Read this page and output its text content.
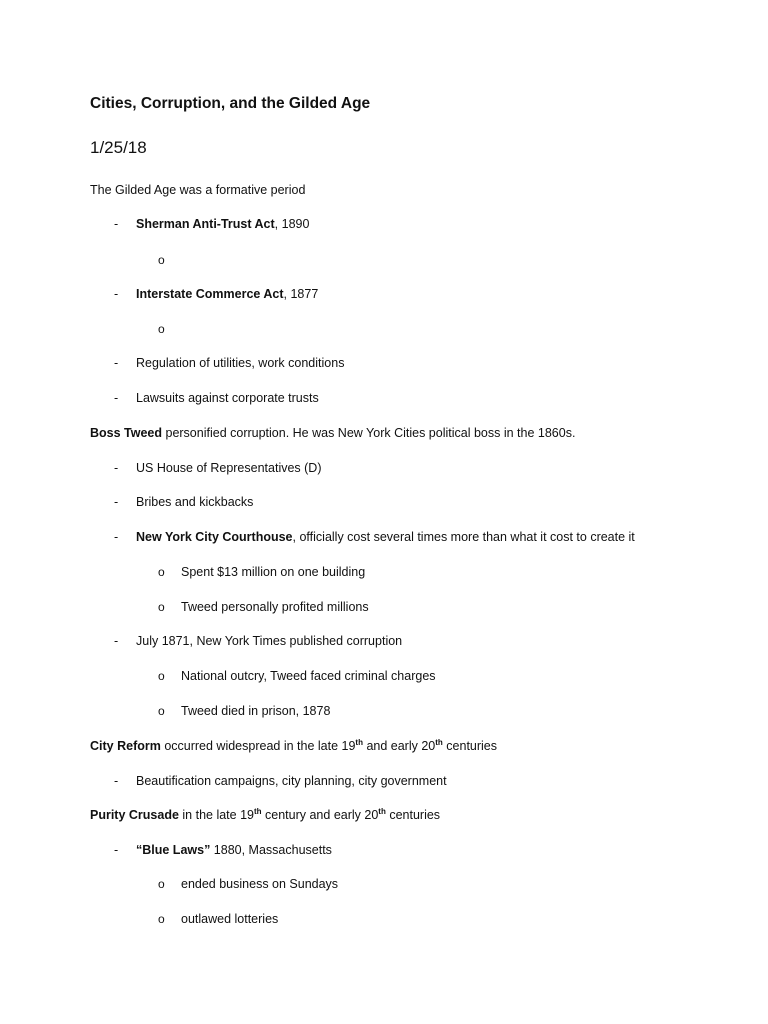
Cities, Corruption, and the Gilded Age
1/25/18
The Gilded Age was a formative period
- Sherman Anti-Trust Act, 1890
o
- Interstate Commerce Act, 1877
o
- Regulation of utilities, work conditions
- Lawsuits against corporate trusts
Boss Tweed personified corruption. He was New York Cities political boss in the 1860s.
- US House of Representatives (D)
- Bribes and kickbacks
- New York City Courthouse, officially cost several times more than what it cost to create it
o Spent $13 million on one building
o Tweed personally profited millions
- July 1871, New York Times published corruption
o National outcry, Tweed faced criminal charges
o Tweed died in prison, 1878
City Reform occurred widespread in the late 19th and early 20th centuries
- Beautification campaigns, city planning, city government
Purity Crusade in the late 19th century and early 20th centuries
- “Blue Laws” 1880, Massachusetts
o ended business on Sundays
o outlawed lotteries
